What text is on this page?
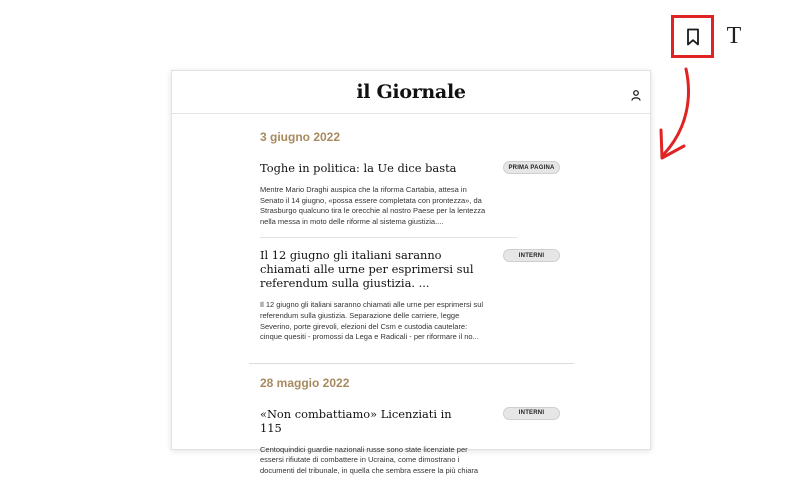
T
il Giornale
3 giugno 2022
Toghe in politica: la Ue dice basta	PRIMA PAGINA
Mentre Mario Draghi auspica che la riforma Cartabia, attesa in Senato il 14 giugno, «possa essere completata con prontezza», da Strasburgo qualcuno tira le orecchie al nostro Paese per la lentezza nella messa in moto delle riforme al sistema giustizia....
Il 12 giugno gli italiani saranno chiamati alle urne per esprimersi sul referendum sulla giustizia. ...
INTERNI
Il 12 giugno gli italiani saranno chiamati alle urne per esprimersi sul referendum sulla giustizia. Separazione delle carriere, legge Severino, porte girevoli, elezioni del Csm e custodia cautelare: cinque quesiti - promossi da Lega e Radicali - per riformare il no...
28 maggio 2022
«Non combattiamo» Licenziati in 115
INTERNI
Centoquindici guardie nazionali russe sono state licenziate per essersi rifiutate di combattere in Ucraina, come dimostrano i documenti del tribunale, in quella che sembra essere la più chiara
